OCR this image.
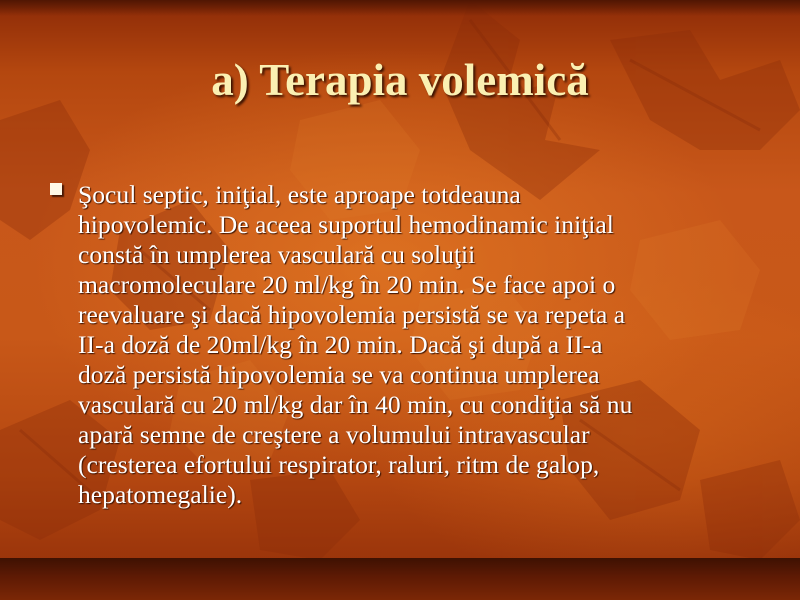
a) Terapia volemică
Şocul septic, iniţial, este aproape totdeauna
hipovolemic. De aceea suportul hemodinamic iniţial
constă în umplerea vasculară cu soluţii
macromoleculare 20 ml/kg în 20 min. Se face apoi o
reevaluare şi dacă hipovolemia persistă se va repeta a
II-a doză de 20ml/kg în 20 min. Dacă şi după a II-a
doză persistă hipovolemia se va continua umplerea
vasculară cu 20 ml/kg dar în 40 min, cu condiţia să nu
apară semne de creştere a volumului intravascular
(cresterea efortului respirator, raluri, ritm de galop,
hepatomegalie).
